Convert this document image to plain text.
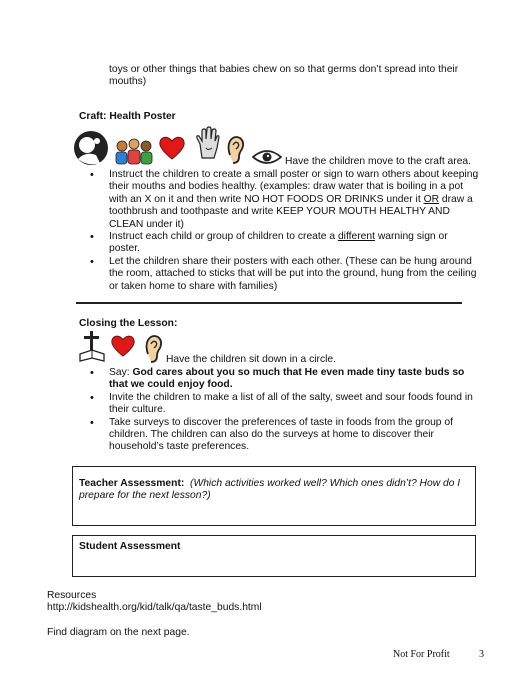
toys or other things that babies chew on so that germs don’t spread into their
mouths)
Craft: Health Poster
Have the children move to the craft area.
• Instruct the children to create a small poster or sign to warn others about keeping
their mouths and bodies healthy. (examples: draw water that is boiling in a pot
with an X on it and then write NO HOT FOODS OR DRINKS under it OR draw a
toothbrush and toothpaste and write KEEP YOUR MOUTH HEALTHY AND
CLEAN under it)
• Instruct each child or group of children to create a different warning sign or
poster.
• Let the children share their posters with each other. (These can be hung around
the room, attached to sticks that will be put into the ground, hung from the ceiling
or taken home to share with families)
Closing the Lesson:
Have the children sit down in a circle.
• Say: God cares about you so much that He even made tiny taste buds so
that we could enjoy food.
• Invite the children to make a list of all of the salty, sweet and sour foods found in
their culture.
• Take surveys to discover the preferences of taste in foods from the group of
children. The children can also do the surveys at home to discover their
household’s taste preferences.
Teacher Assessment: (Which activities worked well? Which ones didn’t? How do I
prepare for the next lesson?)
Student Assessment
Resources
http://kidshealth.org/kid/talk/qa/taste_buds.html
Find diagram on the next page.
Not For Profit	3
